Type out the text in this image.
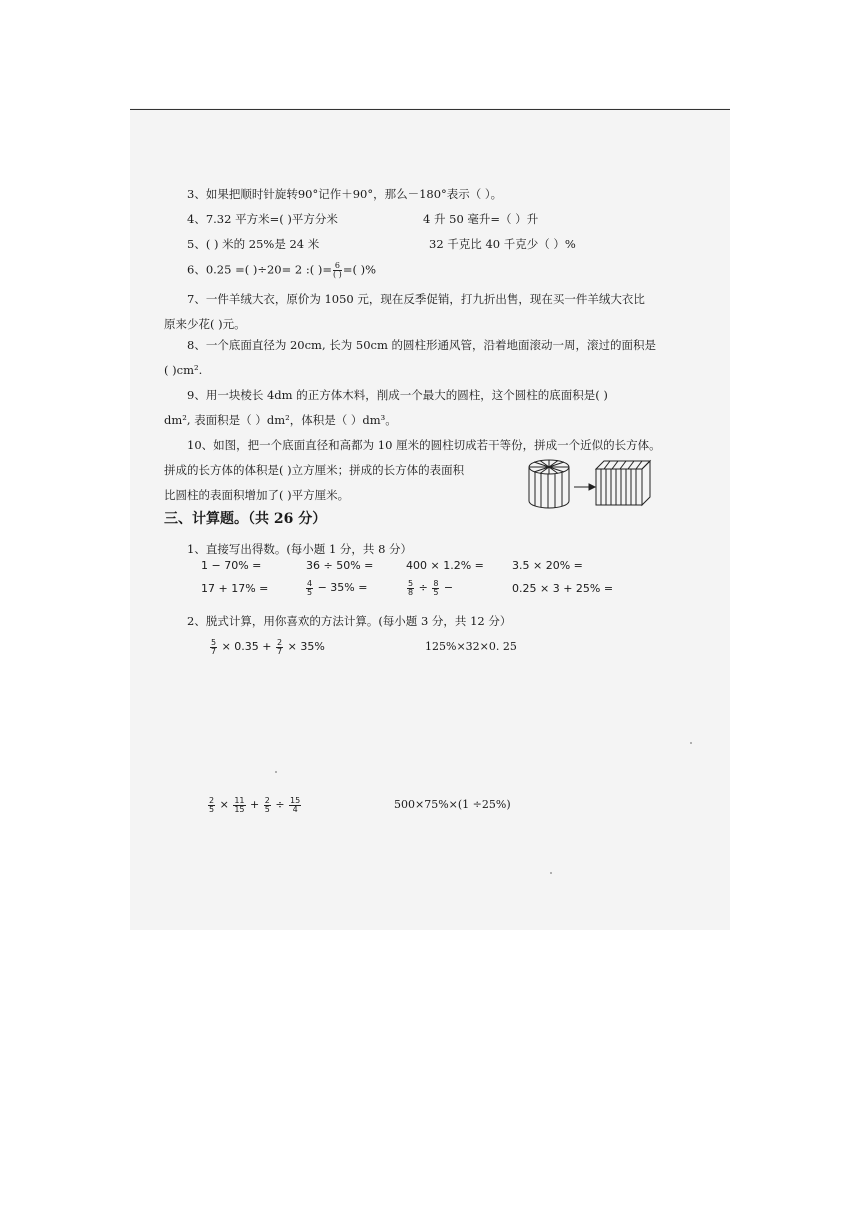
3、如果把顺时针旋转90°记作＋90°，那么－180°表示（ ）。
4、7.32 平方米=( )平方分米	4 升 50 毫升=（ ）升
5、( ) 米的 25%是 24 米	32 千克比 40 千克少（ ）%
6、0.25 =( )÷20= 2 :( )= $\frac{6}{( )}$ =( )%
7、一件羊绒大衣，原价为 1050 元，现在反季促销，打九折出售，现在买一件羊绒大衣比
原来少花( )元。
8、一个底面直径为 20cm, 长为 50cm 的圆柱形通风管，沿着地面滚动一周，滚过的面积是
( )cm².
9、用一块棱长 4dm 的正方体木料，削成一个最大的圆柱，这个圆柱的底面积是( )
dm², 表面积是（ ）dm²，体积是（ ）dm³。
10、如图，把一个底面直径和高都为 10 厘米的圆柱切成若干等份，拼成一个近似的长方体。
拼成的长方体的体积是( )立方厘米；拼成的长方体的表面积
比圆柱的表面积增加了( )平方厘米。
三、计算题。（共 26 分）
1、直接写出得数。(每小题 1 分，共 8 分）
1 − 70% =	36 ÷ 50% =	400 × 1.2% =	3.5 × 20% =
17 + 17% =	$\frac{4}{5} - 35\%$ =	$\frac{5}{8} \div \frac{8}{5}$ −	0.25 × 3 + 25% =
2、脱式计算，用你喜欢的方法计算。(每小题 3 分，共 12 分）
$\frac{5}{7} \times 0.35 + \frac{2}{7} \times 35\%$	125%×32×0. 25
$\frac{2}{5} \times \frac{11}{15} + \frac{2}{5} \div \frac{15}{4}$	500×75%×(1 ÷25%)
